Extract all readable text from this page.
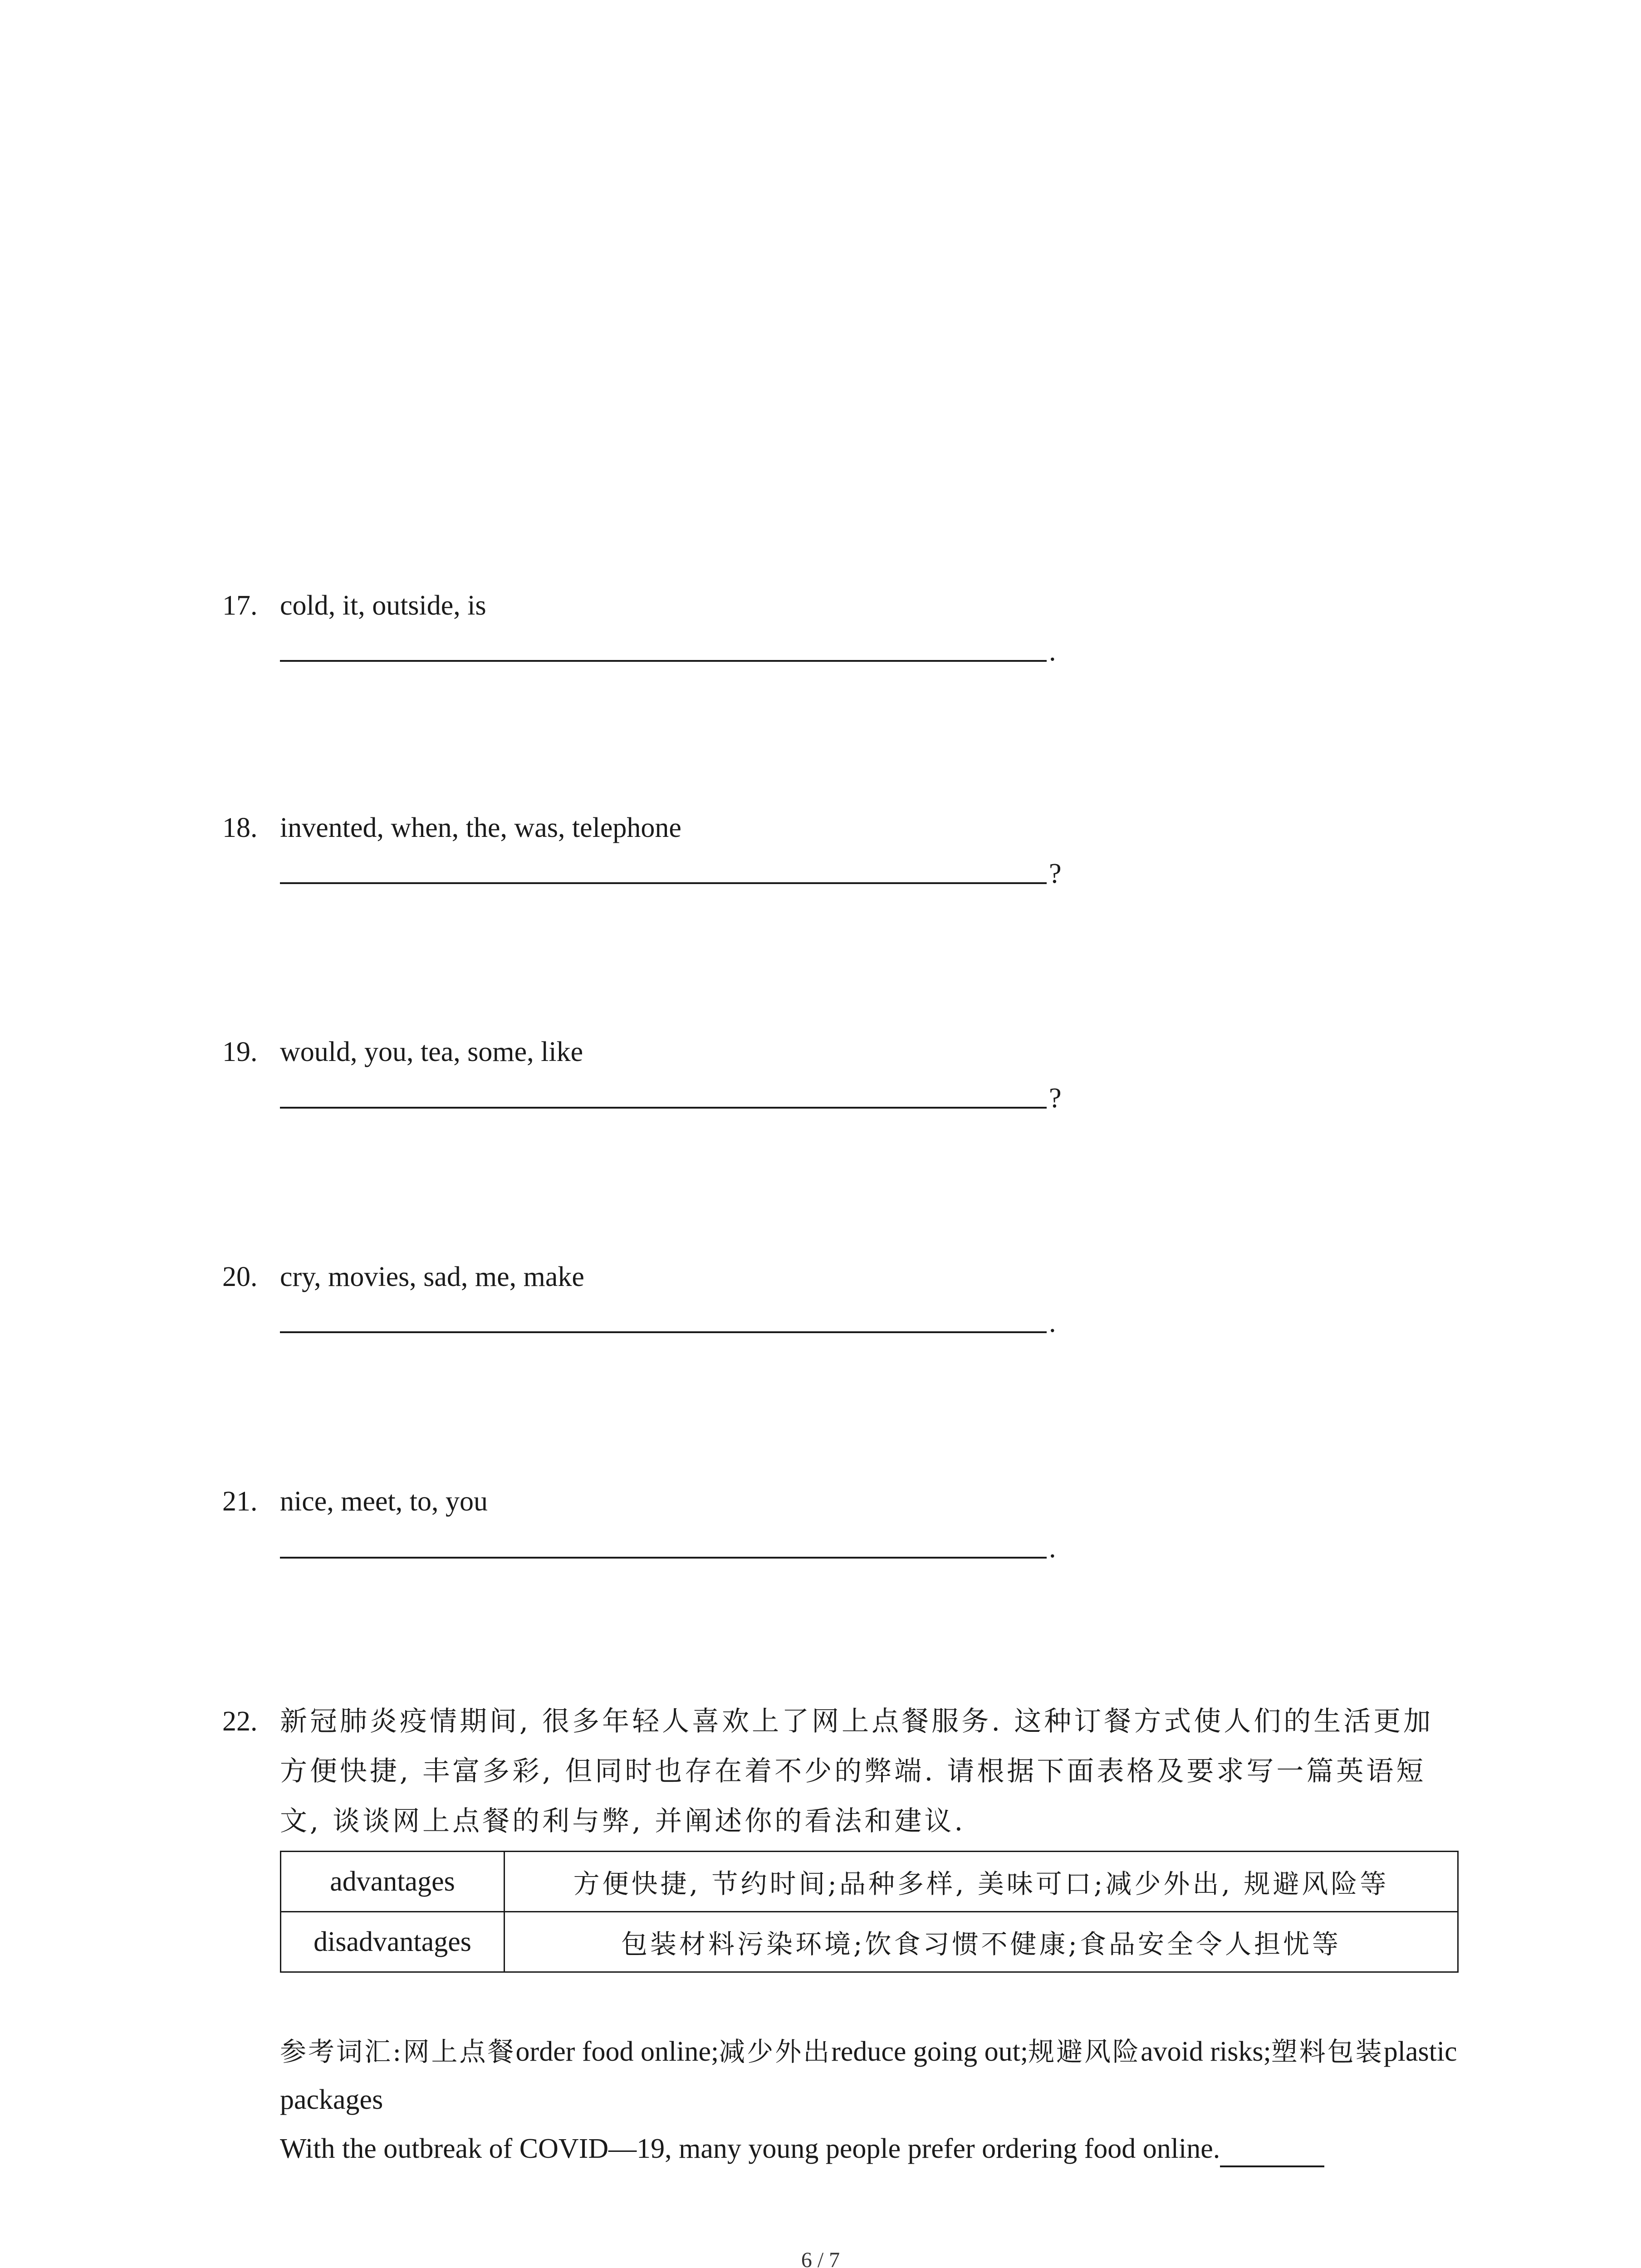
17. cold, it, outside, is
.
18. invented, when, the, was, telephone
?
19. would, you, tea, some, like
?
20. cry, movies, sad, me, make
.
21. nice, meet, to, you
.
22. 新冠肺炎疫情期间, 很多年轻人喜欢上了网上点餐服务. 这种订餐方式使人们的生活更加方便快捷, 丰富多彩, 但同时也存在着不少的弊端. 请根据下面表格及要求写一篇英语短文, 谈谈网上点餐的利与弊, 并阐述你的看法和建议.
advantages	方便快捷, 节约时间;品种多样, 美味可口;减少外出, 规避风险等
disadvantages	包装材料污染环境;饮食习惯不健康;食品安全令人担忧等
参考词汇:网上点餐order food online;减少外出reduce going out;规避风险avoid risks;塑料包装plastic packages
With the outbreak of COVID—19, many young people prefer ordering food online.
6 / 7
